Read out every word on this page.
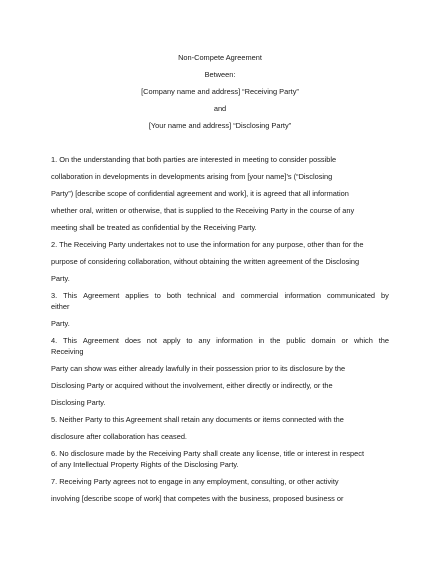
Non-Compete Agreement
Between:
[Company name and address] “Receiving Party”
and
[Your name and address] “Disclosing Party”
1. On the understanding that both parties are interested in meeting to consider possible
collaboration in developments in developments arising from [your name]’s (“Disclosing
Party”) [describe scope of confidential agreement and work], it is agreed that all information
whether oral, written or otherwise, that is supplied to the Receiving Party in the course of any
meeting shall be treated as confidential by the Receiving Party.
2. The Receiving Party undertakes not to use the information for any purpose, other than for the
purpose of considering collaboration, without obtaining the written agreement of the Disclosing
Party.
3. This Agreement applies to both technical and commercial information communicated by
either
Party.
4. This Agreement does not apply to any information in the public domain or which the
Receiving
Party can show was either already lawfully in their possession prior to its disclosure by the
Disclosing Party or acquired without the involvement, either directly or indirectly, or the
Disclosing Party.
5. Neither Party to this Agreement shall retain any documents or items connected with the
disclosure after collaboration has ceased.
6. No disclosure made by the Receiving Party shall create any license, title or interest in respect
of any Intellectual Property Rights of the Disclosing Party.
7. Receiving Party agrees not to engage in any employment, consulting, or other activity
involving [describe scope of work] that competes with the business, proposed business or
